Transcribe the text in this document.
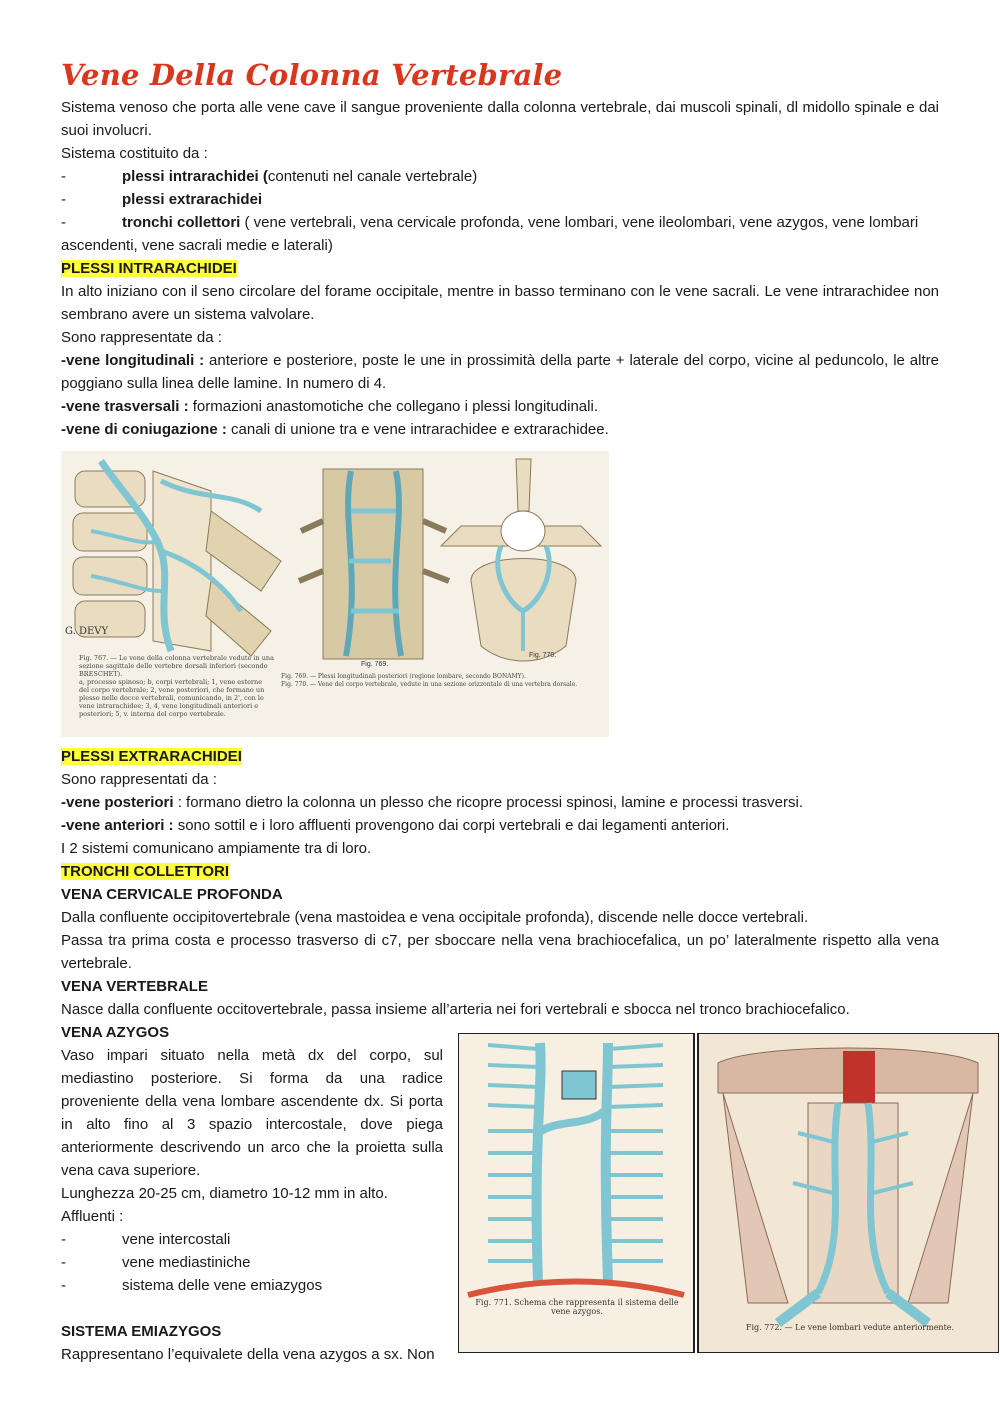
Vene Della Colonna Vertebrale

Sistema venoso che porta alle vene cave il sangue proveniente dalla colonna vertebrale, dai muscoli spinali, dl midollo spinale e dai suoi involucri.

Sistema costituito da :

-	plessi intrarachidei (contenuti nel canale vertebrale)
-	plessi extrarachidei
-	tronchi collettori ( vene vertebrali, vena cervicale profonda, vene lombari, vene ileolombari, vene azygos, vene lombari

ascendenti, vene sacrali medie e laterali)

PLESSI INTRARACHIDEI

In alto iniziano con il seno circolare del forame occipitale, mentre in basso terminano con le vene sacrali. Le vene intrarachidee non sembrano avere un sistema valvolare.

Sono rappresentate da :

-vene longitudinali : anteriore e posteriore, poste le une in prossimità della parte + laterale del corpo, vicine al peduncolo, le altre poggiano sulla linea delle lamine. In numero di 4.

-vene trasversali : formazioni anastomotiche che collegano i plessi longitudinali.

-vene di coniugazione : canali di unione tra e vene intrarachidee e extrarachidee.

G. DEVY
Fig. 769.
Fig. 770.
Fig. 767. — Le vene della colonna vertebrale vedute in una sezione sagittale delle vertebre dorsali inferiori (secondo BRESCHET).
a, processo spinoso; b, corpi vertebrali; 1, vene esterne del corpo vertebrale; 2, vene posteriori, che formano un plesso nelle docce vertebrali, comunicando, in 2', con le vene intrarachidee; 3, 4, vene longitudinali anteriori e posteriori; 5, v. interna del corpo vertebrale.
Fig. 769. — Plessi longitudinali posteriori (regione lombare, secondo BONAMY).
Fig. 770. — Vene del corpo vertebrale, vedute in una sezione orizzontale di una vertebra dorsale.

PLESSI EXTRARACHIDEI

Sono rappresentati da :

-vene posteriori : formano dietro la colonna un plesso che ricopre processi spinosi, lamine e processi trasversi.

-vene anteriori : sono sottil e i loro affluenti provengono dai corpi vertebrali e dai legamenti anteriori.

I 2 sistemi comunicano ampiamente tra di loro.

TRONCHI COLLETTORI

VENA CERVICALE PROFONDA

Dalla confluente occipitovertebrale (vena mastoidea e vena occipitale profonda), discende nelle docce vertebrali.

Passa tra prima costa e processo trasverso di c7, per sboccare nella vena brachiocefalica, un po’ lateralmente rispetto alla vena vertebrale.

VENA VERTEBRALE

Nasce dalla confluente occitovertebrale, passa insieme all’arteria nei fori vertebrali e sbocca nel tronco brachiocefalico.

VENA AZYGOS

Vaso impari situato nella metà dx del corpo, sul mediastino posteriore. Si forma da una radice proveniente della vena lombare ascendente dx. Si porta in alto fino al 3 spazio intercostale, dove piega anteriormente descrivendo un arco che la proietta sulla vena cava superiore.

Lunghezza 20-25 cm, diametro 10-12 mm in alto.

Affluenti :

-	vene intercostali
-	vene mediastiniche
-	sistema delle vene emiazygos

SISTEMA EMIAZYGOS

Rappresentano l’equivalete della vena azygos a sx. Non

Fig. 771. Schema che rappresenta il sistema delle vene azygos.
Fig. 772. — Le vene lombari vedute anteriormente.
